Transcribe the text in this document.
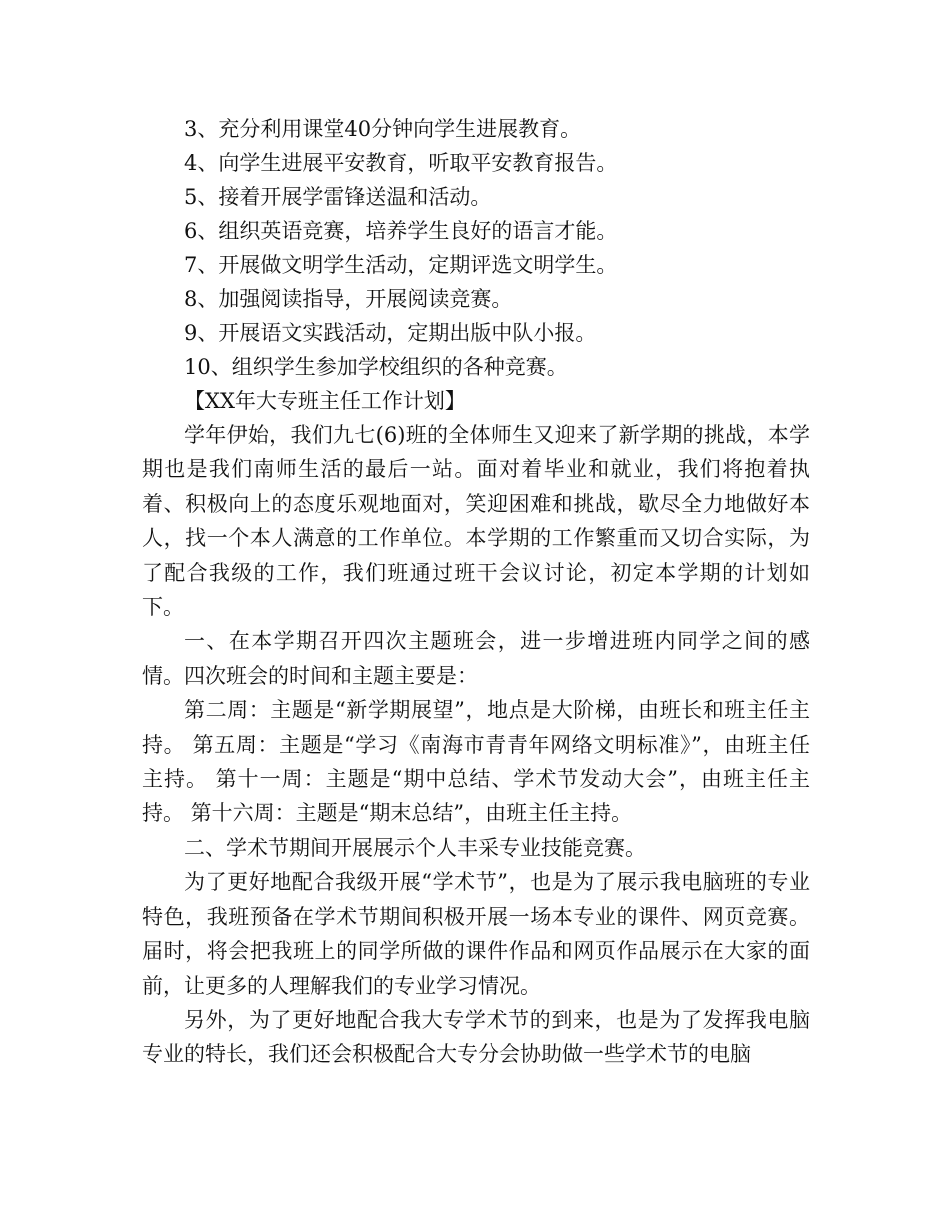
3、充分利用课堂40分钟向学生进展教育。

4、向学生进展平安教育，听取平安教育报告。

5、接着开展学雷锋送温和活动。

6、组织英语竞赛，培养学生良好的语言才能。

7、开展做文明学生活动，定期评选文明学生。

8、加强阅读指导，开展阅读竞赛。

9、开展语文实践活动，定期出版中队小报。

10、组织学生参加学校组织的各种竞赛。

【XX年大专班主任工作计划】

学年伊始，我们九七(6)班的全体师生又迎来了新学期的挑战，本学期也是我们南师生活的最后一站。面对着毕业和就业，我们将抱着执着、积极向上的态度乐观地面对，笑迎困难和挑战，歇尽全力地做好本人，找一个本人满意的工作单位。本学期的工作繁重而又切合实际，为了配合我级的工作，我们班通过班干会议讨论，初定本学期的计划如下。

一、在本学期召开四次主题班会，进一步增进班内同学之间的感情。四次班会的时间和主题主要是：

第二周：主题是“新学期展望”，地点是大阶梯，由班长和班主任主持。 第五周：主题是“学习《南海市青青年网络文明标准》”，由班主任主持。 第十一周：主题是“期中总结、学术节发动大会”，由班主任主持。 第十六周：主题是“期末总结”，由班主任主持。

二、学术节期间开展展示个人丰采专业技能竞赛。

为了更好地配合我级开展“学术节”，也是为了展示我电脑班的专业特色，我班预备在学术节期间积极开展一场本专业的课件、网页竞赛。届时，将会把我班上的同学所做的课件作品和网页作品展示在大家的面前，让更多的人理解我们的专业学习情况。

另外，为了更好地配合我大专学术节的到来，也是为了发挥我电脑专业的特长，我们还会积极配合大专分会协助做一些学术节的电脑
